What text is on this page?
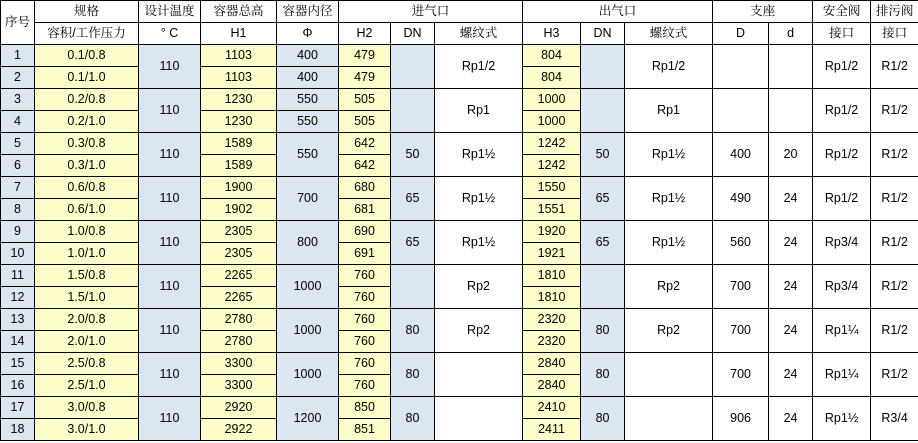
序号	规格	设计温度	容器总高	容器内径	进气口			出气口			支座		安全阀	排污阀
	容积/工作压力	° C	H1	Φ	H2	DN	螺纹式	H3	DN	螺纹式	D	d	接口	接口
1	0.1/0.8	110	1103	400	479		Rp1/2	804		Rp1/2			Rp1/2	R1/2
2	0.1/1.0		1103	400	479			804						
3	0.2/0.8	110	1230	550	505		Rp1	1000		Rp1			Rp1/2	R1/2
4	0.2/1.0		1230	550	505			1000						
5	0.3/0.8	110	1589	550	642	50	Rp1½	1242	50	Rp1½	400	20	Rp1/2	R1/2
6	0.3/1.0		1589		642			1242						
7	0.6/0.8	110	1900	700	680	65	Rp1½	1550	65	Rp1½	490	24	Rp1/2	R1/2
8	0.6/1.0		1902		681			1551						
9	1.0/0.8	110	2305	800	690	65	Rp1½	1920	65	Rp1½	560	24	Rp3/4	R1/2
10	1.0/1.0		2305		691			1921						
11	1.5/0.8	110	2265	1000	760		Rp2	1810		Rp2	700	24	Rp3/4	R1/2
12	1.5/1.0		2265		760			1810						
13	2.0/0.8	110	2780	1000	760	80	Rp2	2320	80	Rp2	700	24	Rp1¼	R1/2
14	2.0/1.0		2780		760			2320						
15	2.5/0.8	110	3300	1000	760	80		2840	80		700	24	Rp1¼	R1/2
16	2.5/1.0		3300		760			2840						
17	3.0/0.8	110	2920	1200	850	80		2410	80		906	24	Rp1½	R3/4
18	3.0/1.0		2922		851			2411						
